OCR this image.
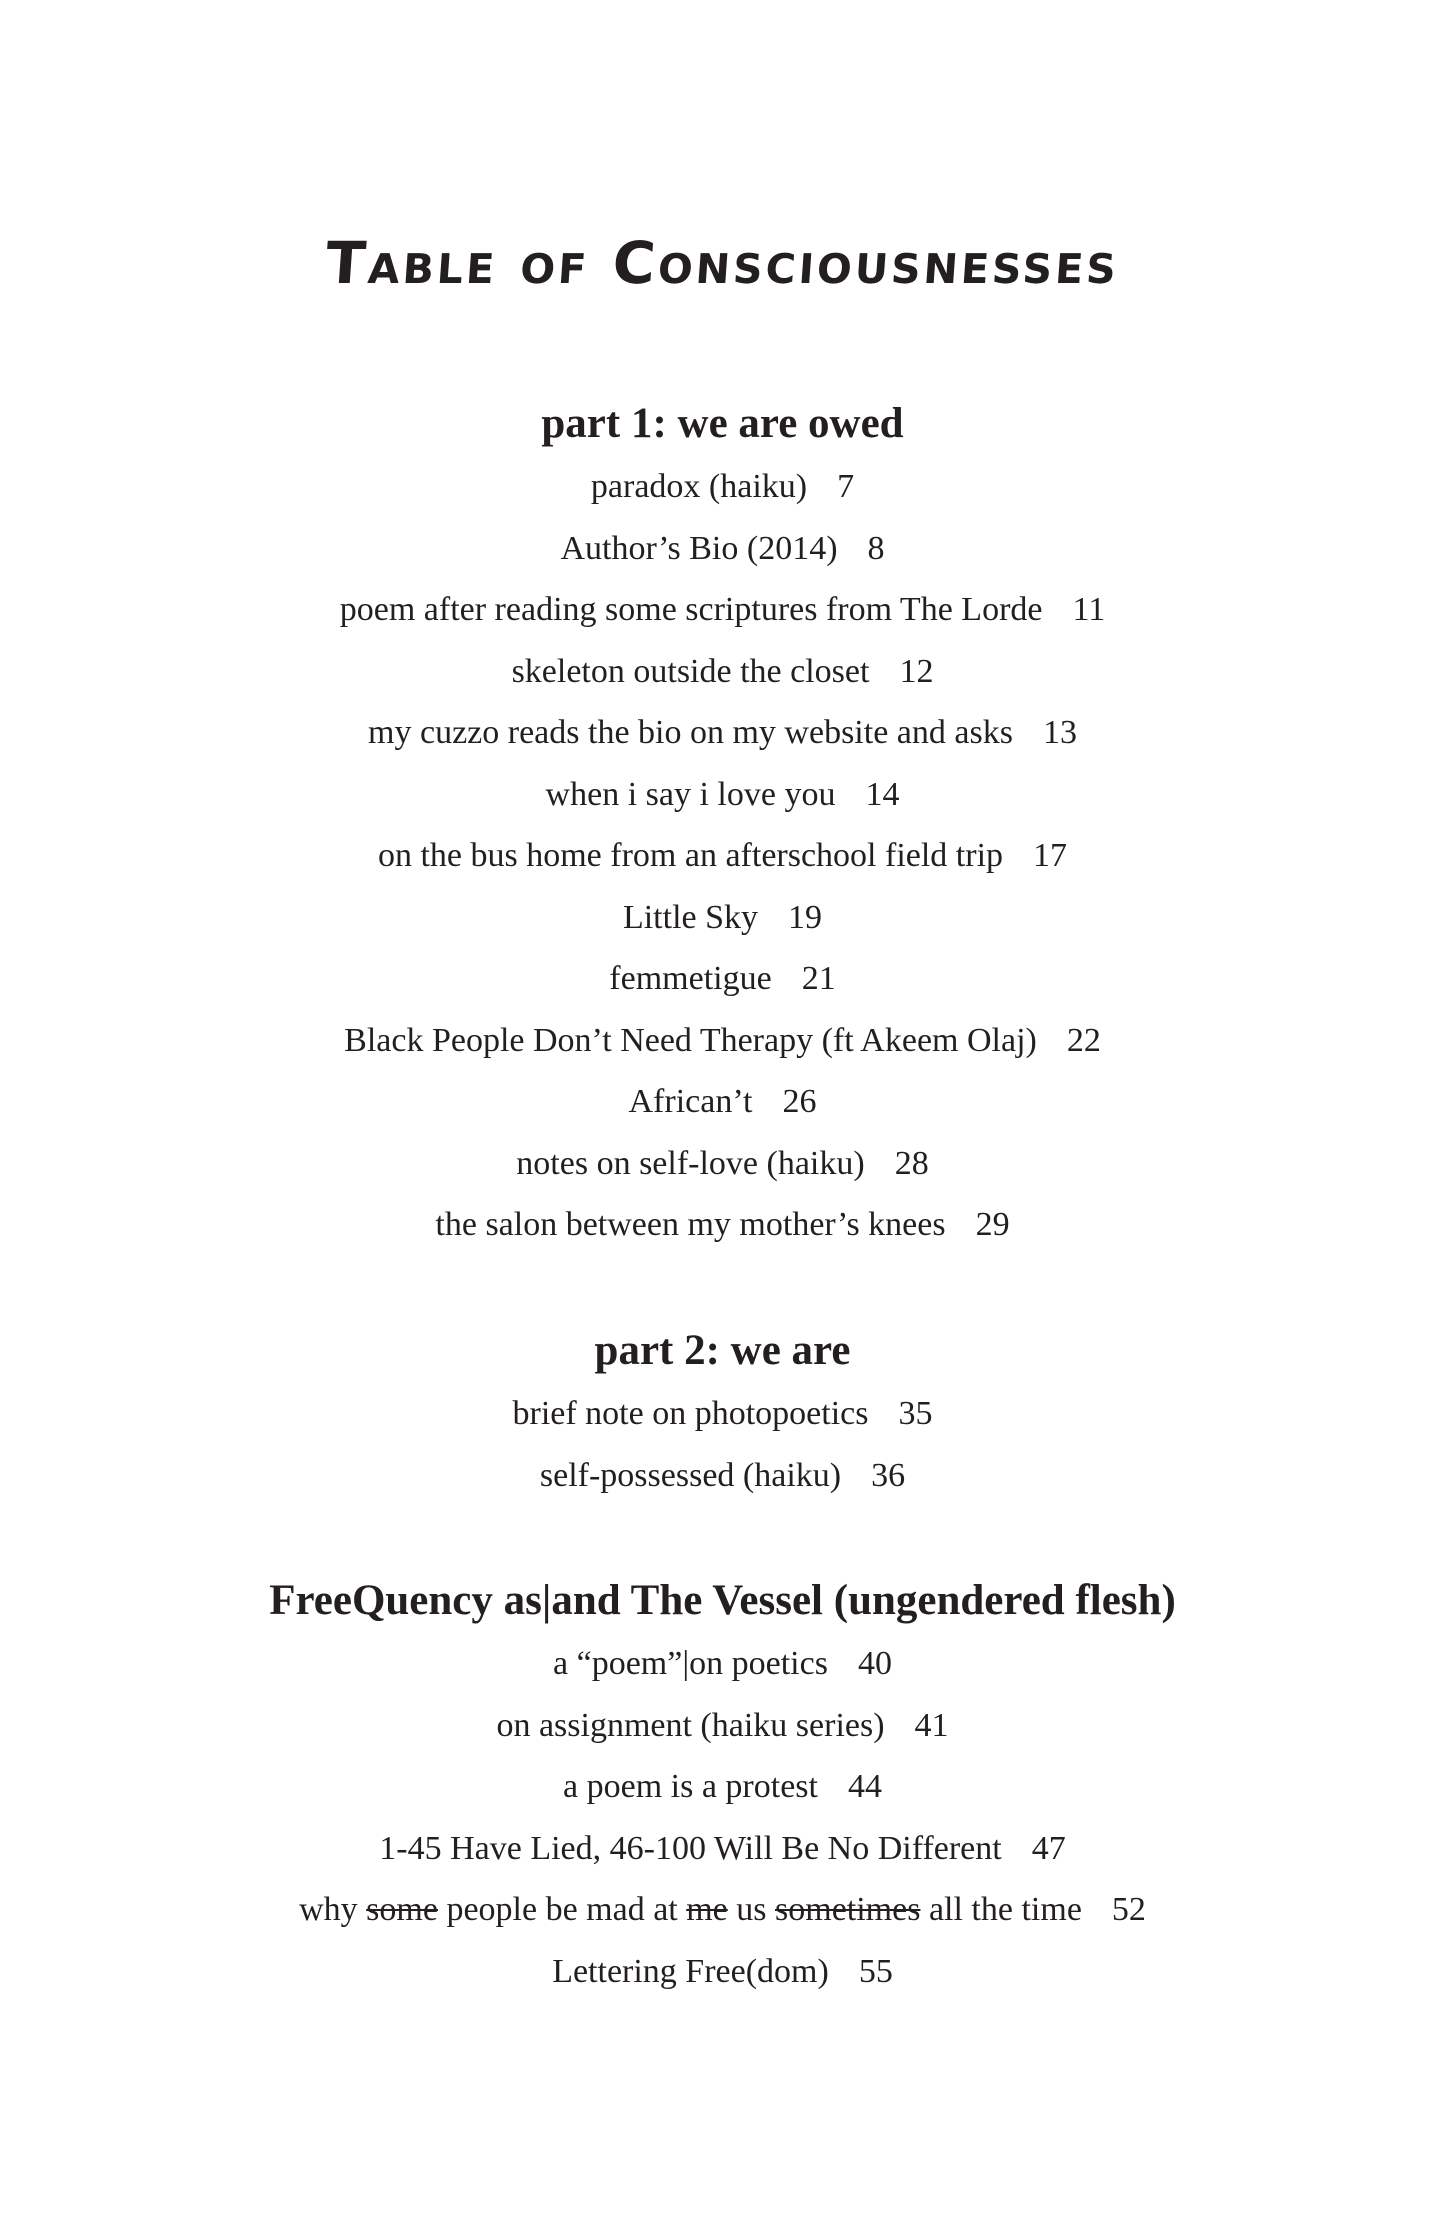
Table of Consciousnesses
part 1: we are owed
paradox (haiku) 7
Author’s Bio (2014) 8
poem after reading some scriptures from The Lorde 11
skeleton outside the closet 12
my cuzzo reads the bio on my website and asks 13
when i say i love you 14
on the bus home from an afterschool field trip 17
Little Sky 19
femmetigue 21
Black People Don’t Need Therapy (ft Akeem Olaj) 22
African’t 26
notes on self-love (haiku) 28
the salon between my mother’s knees 29
part 2: we are
brief note on photopoetics 35
self-possessed (haiku) 36
FreeQuency as|and The Vessel (ungendered flesh)
a “poem”|on poetics 40
on assignment (haiku series) 41
a poem is a protest 44
1-45 Have Lied, 46-100 Will Be No Different 47
why some people be mad at me us sometimes all the time 52
Lettering Free(dom) 55
